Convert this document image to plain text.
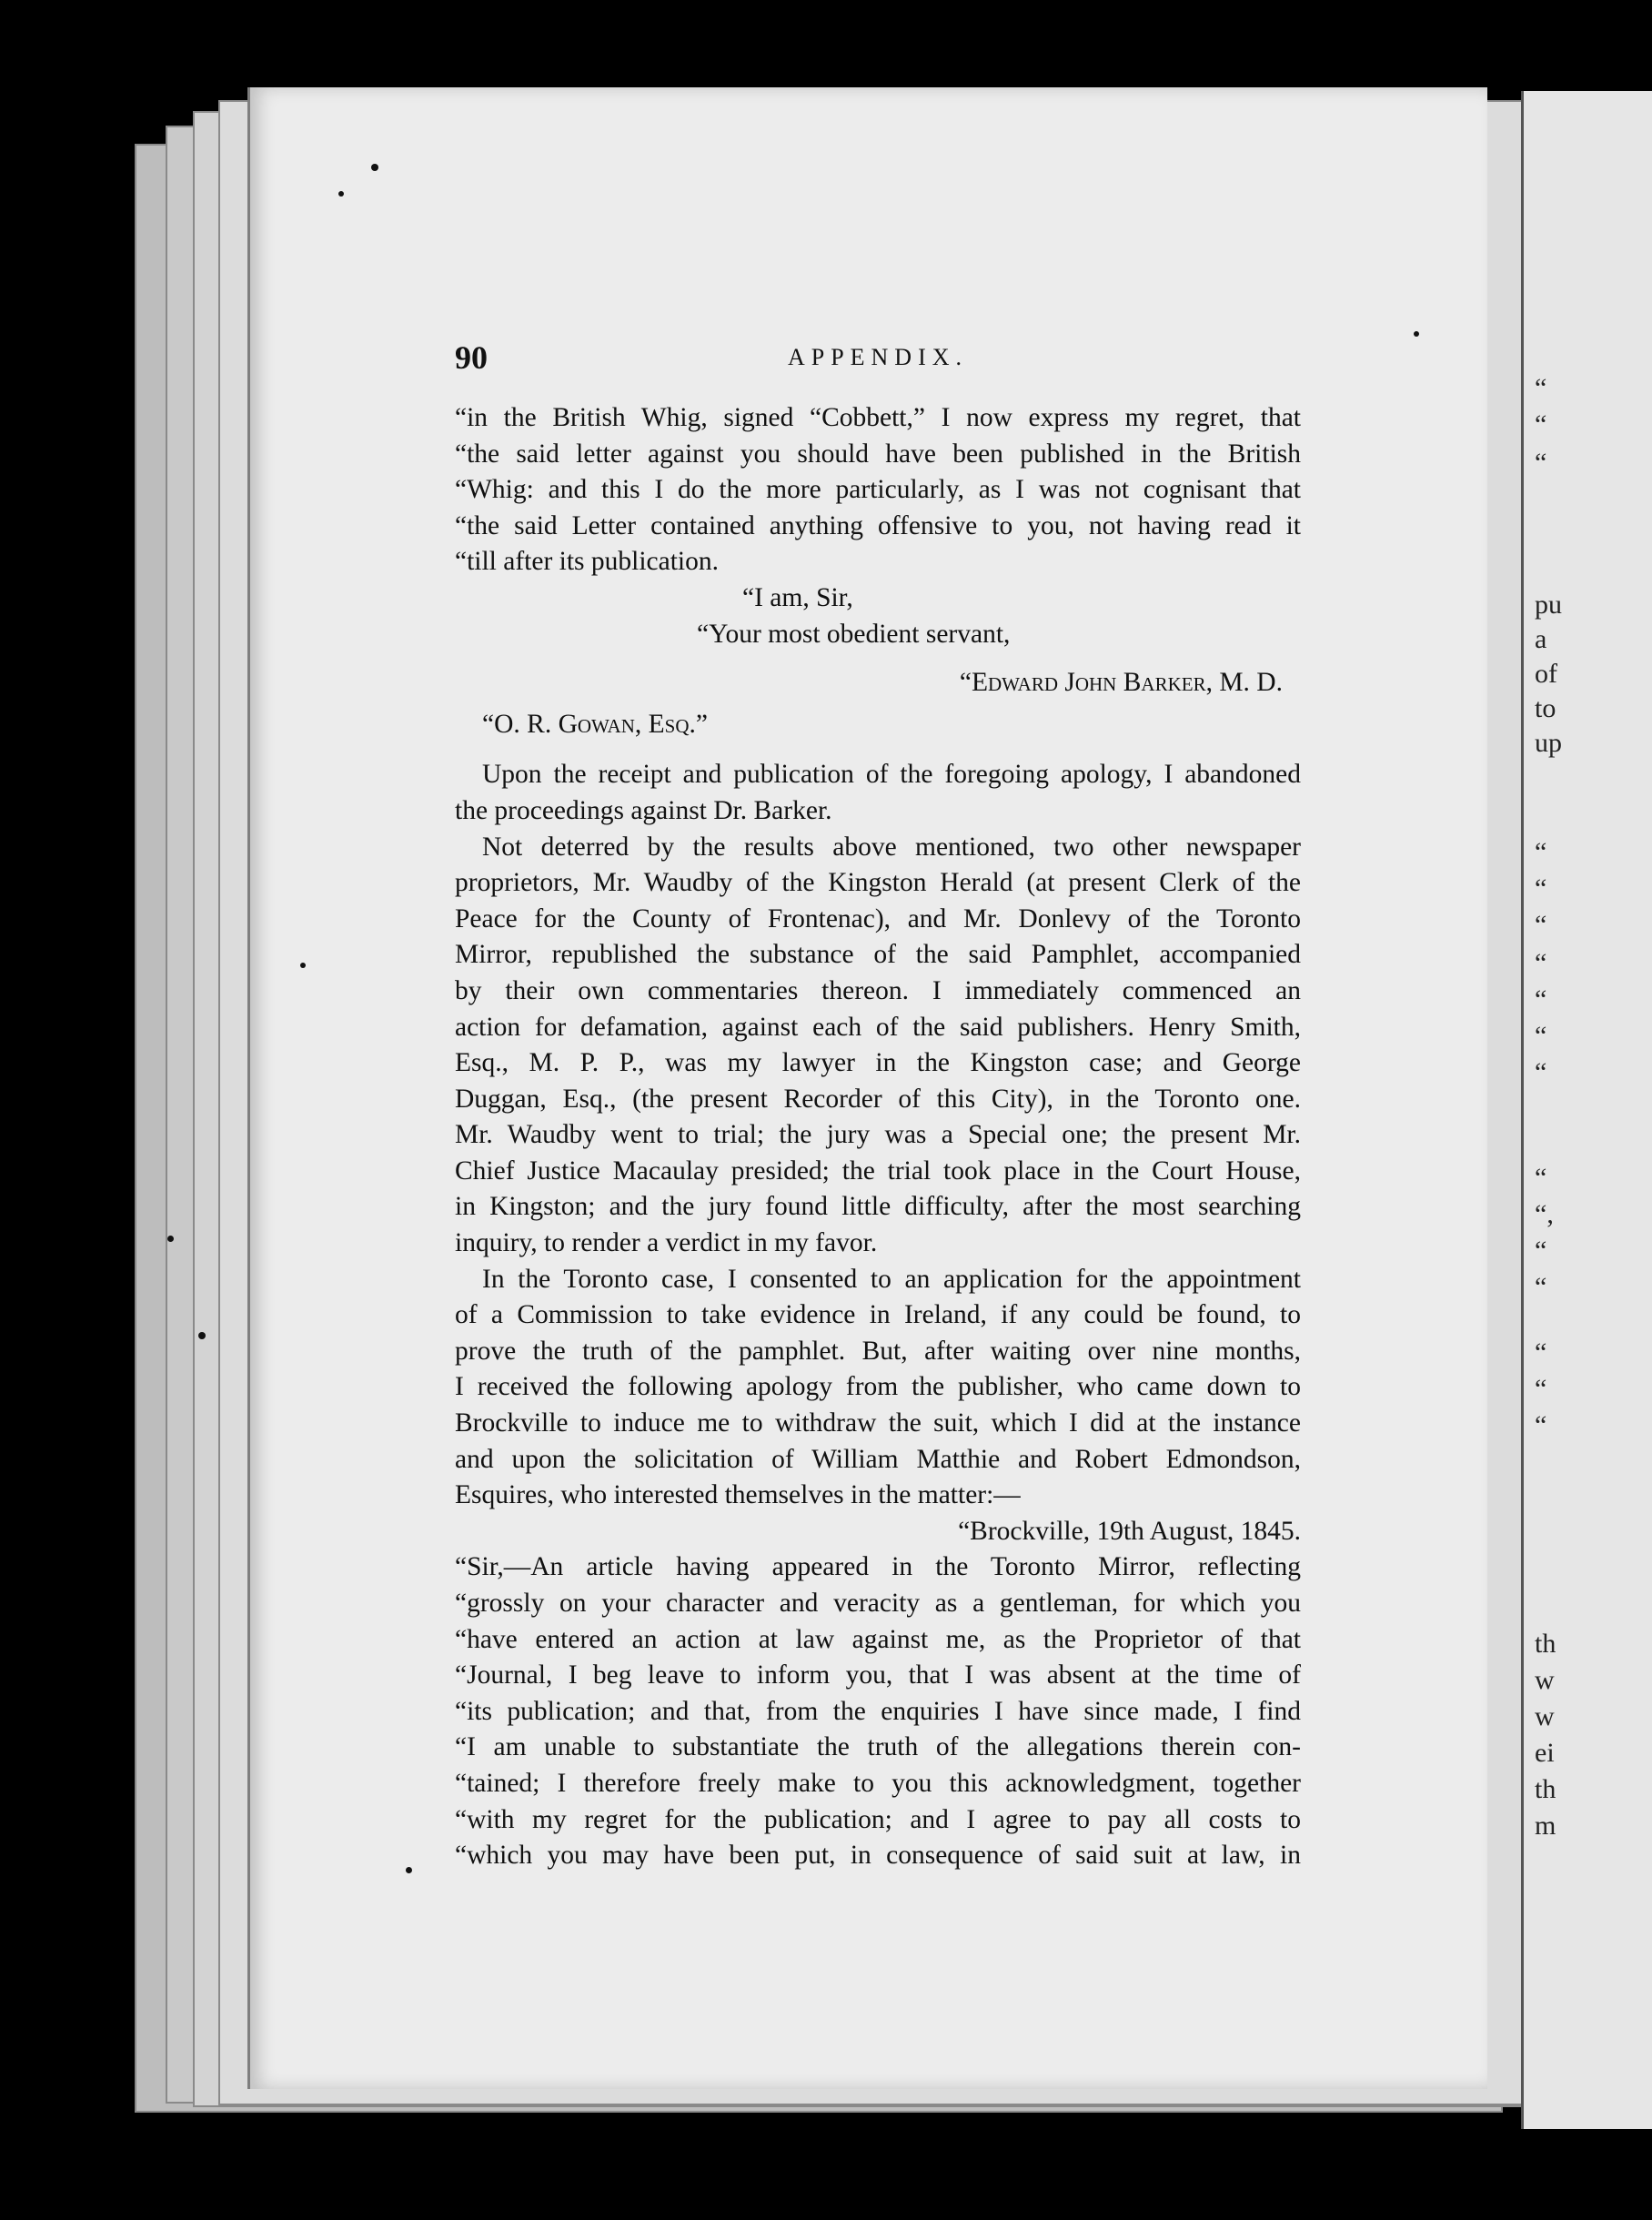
“
“
“
pu
a
of
to
up
“
“
“
“
“
“
“
“
“,
“
“
“
“
“
th
w
w
ei
th
m
90	APPENDIX.

“in the British Whig, signed “Cobbett,” I now express my regret, that

“the said letter against you should have been published in the British

“Whig: and this I do the more particularly, as I was not cognisant that

“the said Letter contained anything offensive to you, not having read it

“till after its publication.

“I am, Sir,

“Your most obedient servant,

“Edward John Barker, M. D.

“O. R. Gowan, Esq.”

Upon the receipt and publication of the foregoing apology, I abandoned

the proceedings against Dr. Barker.

Not deterred by the results above mentioned, two other newspaper

proprietors, Mr. Waudby of the Kingston Herald (at present Clerk of the

Peace for the County of Frontenac), and Mr. Donlevy of the Toronto

Mirror, republished the substance of the said Pamphlet, accompanied

by their own commentaries thereon. I immediately commenced an

action for defamation, against each of the said publishers. Henry Smith,

Esq., M. P. P., was my lawyer in the Kingston case; and George

Duggan, Esq., (the present Recorder of this City), in the Toronto one.

Mr. Waudby went to trial; the jury was a Special one; the present Mr.

Chief Justice Macaulay presided; the trial took place in the Court House,

in Kingston; and the jury found little difficulty, after the most searching

inquiry, to render a verdict in my favor.

In the Toronto case, I consented to an application for the appointment

of a Commission to take evidence in Ireland, if any could be found, to

prove the truth of the pamphlet. But, after waiting over nine months,

I received the following apology from the publisher, who came down to

Brockville to induce me to withdraw the suit, which I did at the instance

and upon the solicitation of William Matthie and Robert Edmondson,

Esquires, who interested themselves in the matter:—

“Brockville, 19th August, 1845.

“Sir,—An article having appeared in the Toronto Mirror, reflecting

“grossly on your character and veracity as a gentleman, for which you

“have entered an action at law against me, as the Proprietor of that

“Journal, I beg leave to inform you, that I was absent at the time of

“its publication; and that, from the enquiries I have since made, I find

“I am unable to substantiate the truth of the allegations therein con-

“tained; I therefore freely make to you this acknowledgment, together

“with my regret for the publication; and I agree to pay all costs to

“which you may have been put, in consequence of said suit at law, in
